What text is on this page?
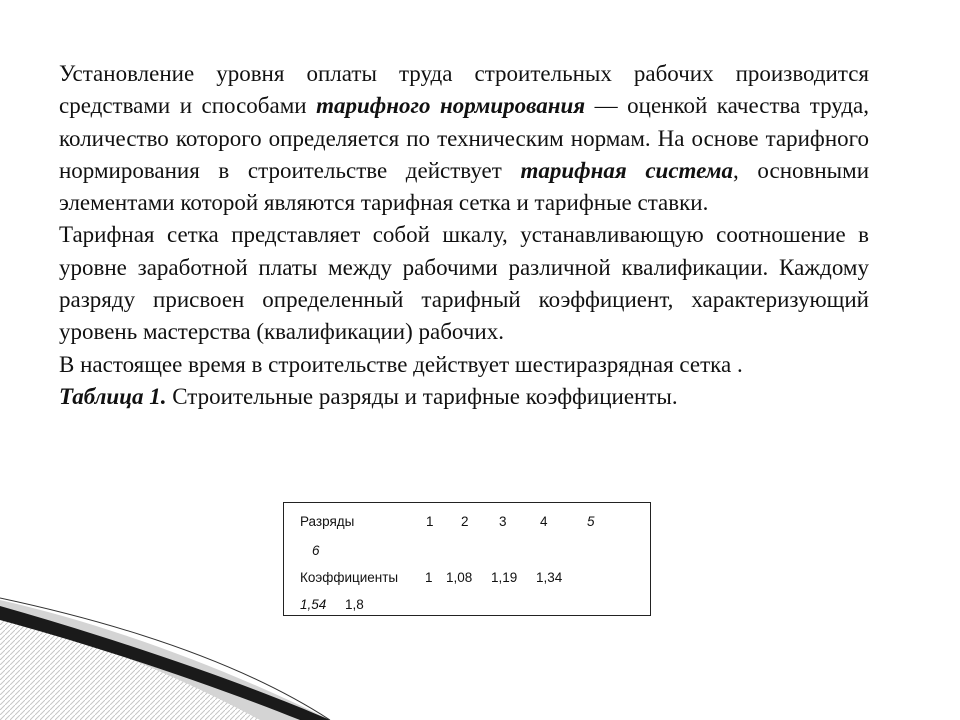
Установление уровня оплаты труда строительных рабочих производится средствами и способами тарифного нормирования — оценкой качества труда, количество которого определяется по техническим нормам. На основе тарифного нормирования в строительстве действует тарифная система, основными элементами которой являются тарифная сетка и тарифные ставки.

Тарифная сетка представляет собой шкалу, устанавливающую соотношение в уровне заработной платы между рабочими различной квалификации. Каждому разряду присвоен определенный тарифный коэффициент, характеризующий уровень мастерства (квалификации) рабочих.

В настоящее время в строительстве действует шестиразрядная сетка .

Таблица 1. Строительные разряды и тарифные коэффициенты.

Разряды	1 2 3 4	5
6
Коэффициенты 1 1,08 1,19 1,34
1,54 1,8
